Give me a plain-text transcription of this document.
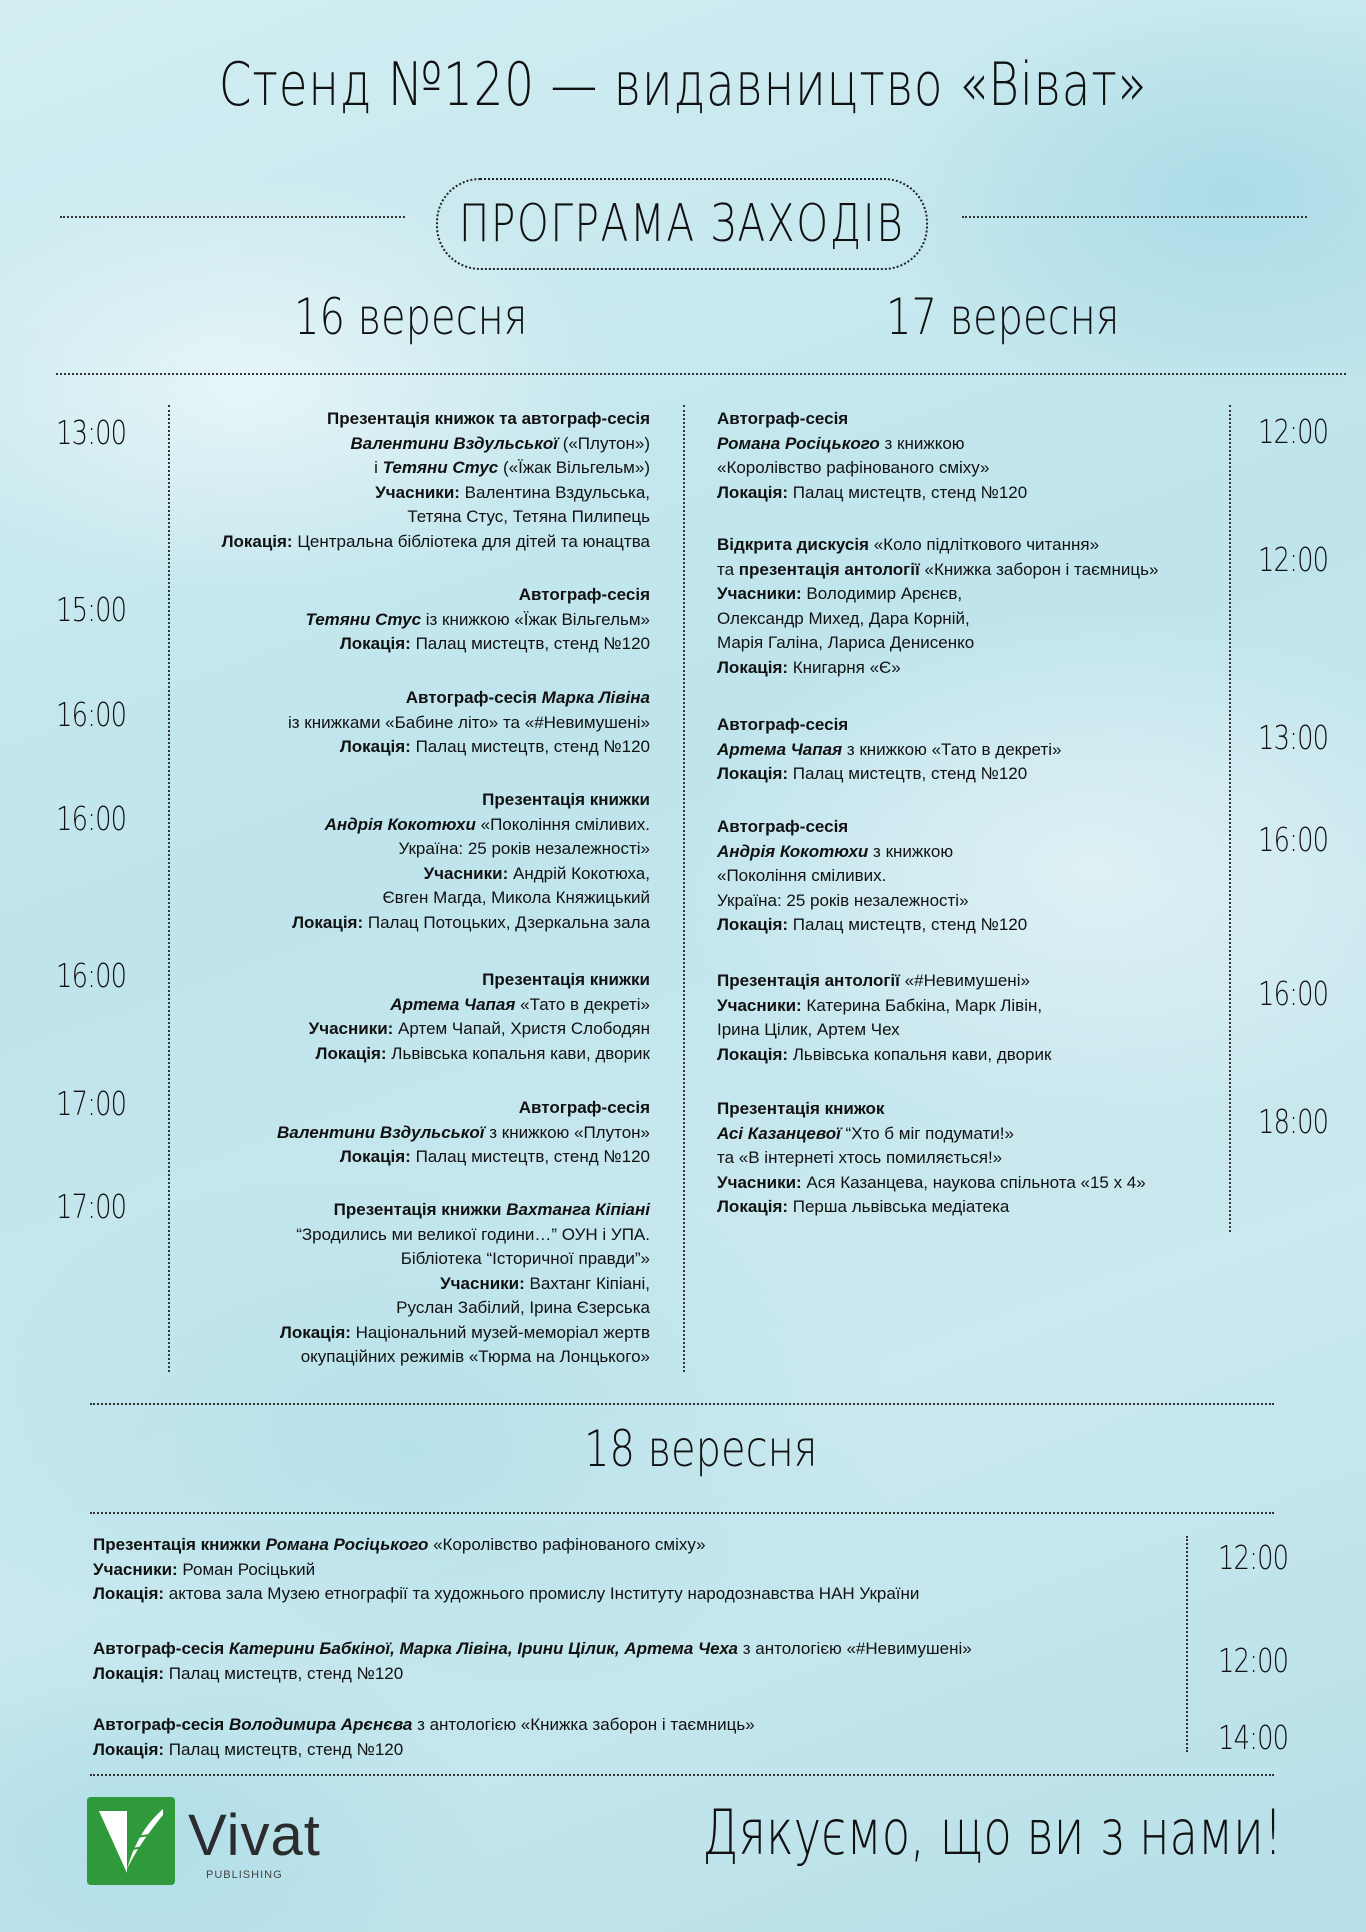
Стенд №120 — видавництво «Віват»
ПРОГРАМА ЗАХОДІВ
16 вересня	17 вересня
13:00
15:00
16:00
16:00
16:00
17:00
17:00
Презентація книжок та автограф-сесія
Валентини Вздульської («Плутон»)
і Тетяни Стус («Їжак Вільгельм»)
Учасники: Валентина Вздульська,
Тетяна Стус, Тетяна Пилипець
Локація: Центральна бібліотека для дітей та юнацтва
Автограф-сесія
Тетяни Стус із книжкою «Їжак Вільгельм»
Локація: Палац мистецтв, стенд №120
Автограф-сесія Марка Лівіна
із книжками «Бабине літо» та «#Невимушені»
Локація: Палац мистецтв, стенд №120
Презентація книжки
Андрія Кокотюхи «Покоління сміливих.
Україна: 25 років незалежності»
Учасники: Андрій Кокотюха,
Євген Магда, Микола Княжицький
Локація: Палац Потоцьких, Дзеркальна зала
Презентація книжки
Артема Чапая «Тато в декреті»
Учасники: Артем Чапай, Христя Слободян
Локація: Львівська копальня кави, дворик
Автограф-сесія
Валентини Вздульської з книжкою «Плутон»
Локація: Палац мистецтв, стенд №120
Презентація книжки Вахтанга Кіпіані
“Зродились ми великої години…” ОУН і УПА.
Бібліотека “Історичної правди”»
Учасники: Вахтанг Кіпіані,
Руслан Забілий, Ірина Єзерська
Локація: Національний музей-меморіал жертв
окупаційних режимів «Тюрма на Лонцького»
Автограф-сесія
Романа Росіцького з книжкою
«Королівство рафінованого сміху»
Локація: Палац мистецтв, стенд №120
Відкрита дискусія «Коло підліткового читання»
та презентація антології «Книжка заборон і таємниць»
Учасники: Володимир Арєнєв,
Олександр Михед, Дара Корній,
Марія Галіна, Лариса Денисенко
Локація: Книгарня «Є»
Автограф-сесія
Артема Чапая з книжкою «Тато в декреті»
Локація: Палац мистецтв, стенд №120
Автограф-сесія
Андрія Кокотюхи з книжкою
«Покоління сміливих.
Україна: 25 років незалежності»
Локація: Палац мистецтв, стенд №120
Презентація антології «#Невимушені»
Учасники: Катерина Бабкіна, Марк Лівін,
Ірина Цілик, Артем Чех
Локація: Львівська копальня кави, дворик
Презентація книжок
Асі Казанцевої “Хто б міг подумати!»
та «В інтернеті хтось помиляється!»
Учасники: Ася Казанцева, наукова спільнота «15 x 4»
Локація: Перша львівська медіатека
12:00
12:00
13:00
16:00
16:00
18:00
18 вересня
Презентація книжки Романа Росіцького «Королівство рафінованого сміху»
Учасники: Роман Росіцький
Локація: актова зала Музею етнографії та художнього промислу Інституту народознавства НАН України
Автограф-сесія Катерини Бабкіної, Марка Лівіна, Ірини Цілик, Артема Чеха з антологією «#Невимушені»
Локація: Палац мистецтв, стенд №120
Автограф-сесія Володимира Арєнєва з антологією «Книжка заборон і таємниць»
Локація: Палац мистецтв, стенд №120
12:00
12:00
14:00
Vivat
PUBLISHING
Дякуємо, що ви з нами!
